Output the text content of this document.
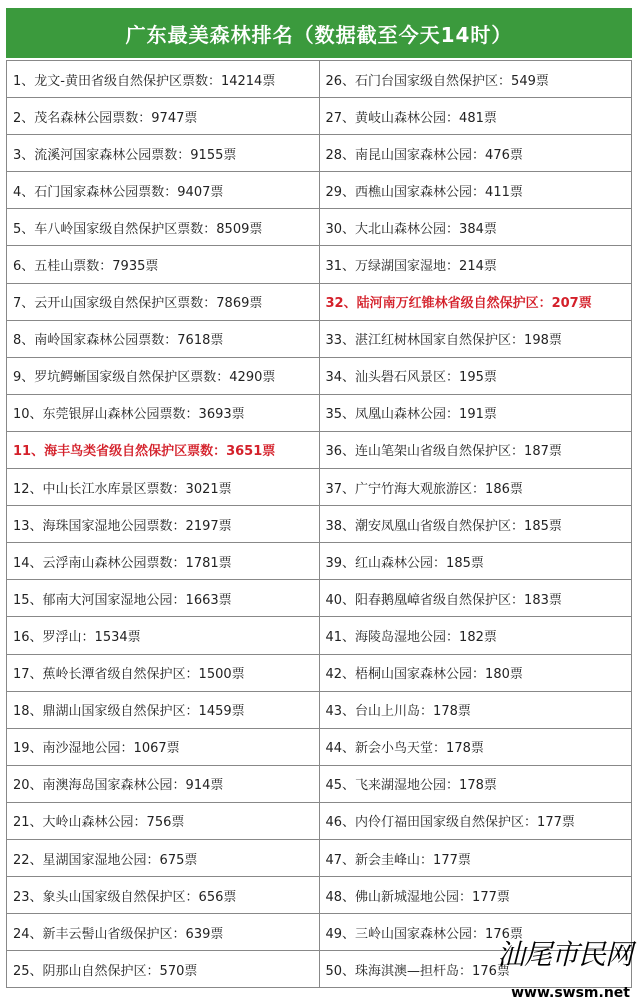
广东最美森林排名（数据截至今天14时）
1、龙文-黄田省级自然保护区票数：14214票	26、石门台国家级自然保护区：549票
2、茂名森林公园票数：9747票	27、黄岐山森林公园：481票
3、流溪河国家森林公园票数：9155票	28、南昆山国家森林公园：476票
4、石门国家森林公园票数：9407票	29、西樵山国家森林公园：411票
5、车八岭国家级自然保护区票数：8509票	30、大北山森林公园：384票
6、五桂山票数：7935票	31、万绿湖国家湿地：214票
7、云开山国家级自然保护区票数：7869票	32、陆河南万红锥林省级自然保护区：207票
8、南岭国家森林公园票数：7618票	33、湛江红树林国家自然保护区：198票
9、罗坑鳄蜥国家级自然保护区票数：4290票	34、汕头礐石风景区：195票
10、东莞银屏山森林公园票数：3693票	35、凤凰山森林公园：191票
11、海丰鸟类省级自然保护区票数：3651票	36、连山笔架山省级自然保护区：187票
12、中山长江水库景区票数：3021票	37、广宁竹海大观旅游区：186票
13、海珠国家湿地公园票数：2197票	38、潮安凤凰山省级自然保护区：185票
14、云浮南山森林公园票数：1781票	39、红山森林公园：185票
15、郁南大河国家湿地公园：1663票	40、阳春鹅凰嶂省级自然保护区：183票
16、罗浮山：1534票	41、海陵岛湿地公园：182票
17、蕉岭长潭省级自然保护区：1500票	42、梧桐山国家森林公园：180票
18、鼎湖山国家级自然保护区：1459票	43、台山上川岛：178票
19、南沙湿地公园：1067票	44、新会小鸟天堂：178票
20、南澳海岛国家森林公园：914票	45、飞来湖湿地公园：178票
21、大岭山森林公园：756票	46、内伶仃福田国家级自然保护区：177票
22、星湖国家湿地公园：675票	47、新会圭峰山：177票
23、象头山国家级自然保护区：656票	48、佛山新城湿地公园：177票
24、新丰云髻山省级保护区：639票	49、三岭山国家森林公园：176票
25、阴那山自然保护区：570票	50、珠海淇澳—担杆岛：176票
汕尾市民网
www.swsm.net
